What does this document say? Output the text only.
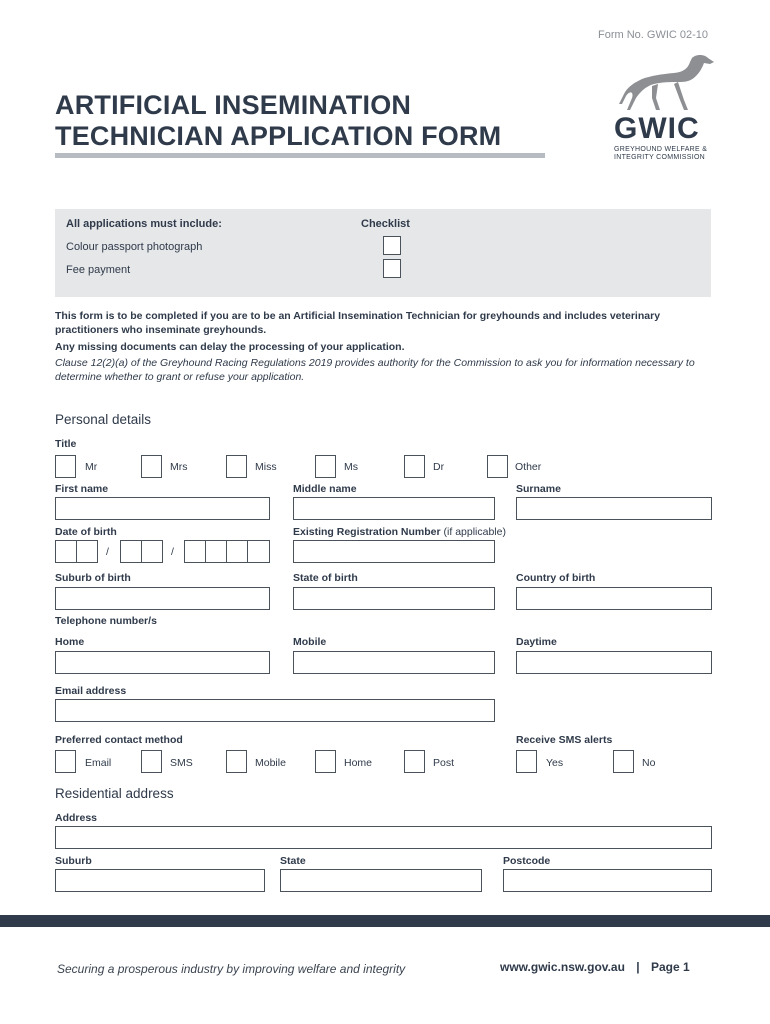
Form No. GWIC 02-10
ARTIFICIAL INSEMINATION
TECHNICIAN APPLICATION FORM	GWIC
GREYHOUND WELFARE &
INTEGRITY COMMISSION
All applications must include:	Checklist
Colour passport photograph
Fee payment
This form is to be completed if you are to be an Artificial Insemination Technician for greyhounds and includes veterinary practitioners who inseminate greyhounds.
Any missing documents can delay the processing of your application.
Clause 12(2)(a) of the Greyhound Racing Regulations 2019 provides authority for the Commission to ask you for information necessary to determine whether to grant or refuse your application.
Personal details
Title
Mr	Mrs	Miss	Ms	Dr	Other
First name	Middle name	Surname
Date of birth	Existing Registration Number (if applicable)
/	/
Suburb of birth	State of birth	Country of birth
Telephone number/s
Home	Mobile	Daytime
Email address
Preferred contact method	Receive SMS alerts
Email	SMS	Mobile	Home	Post	Yes	No
Residential address
Address
Suburb	State	Postcode
Securing a prosperous industry by improving welfare and integrity	www.gwic.nsw.gov.au | Page 1
